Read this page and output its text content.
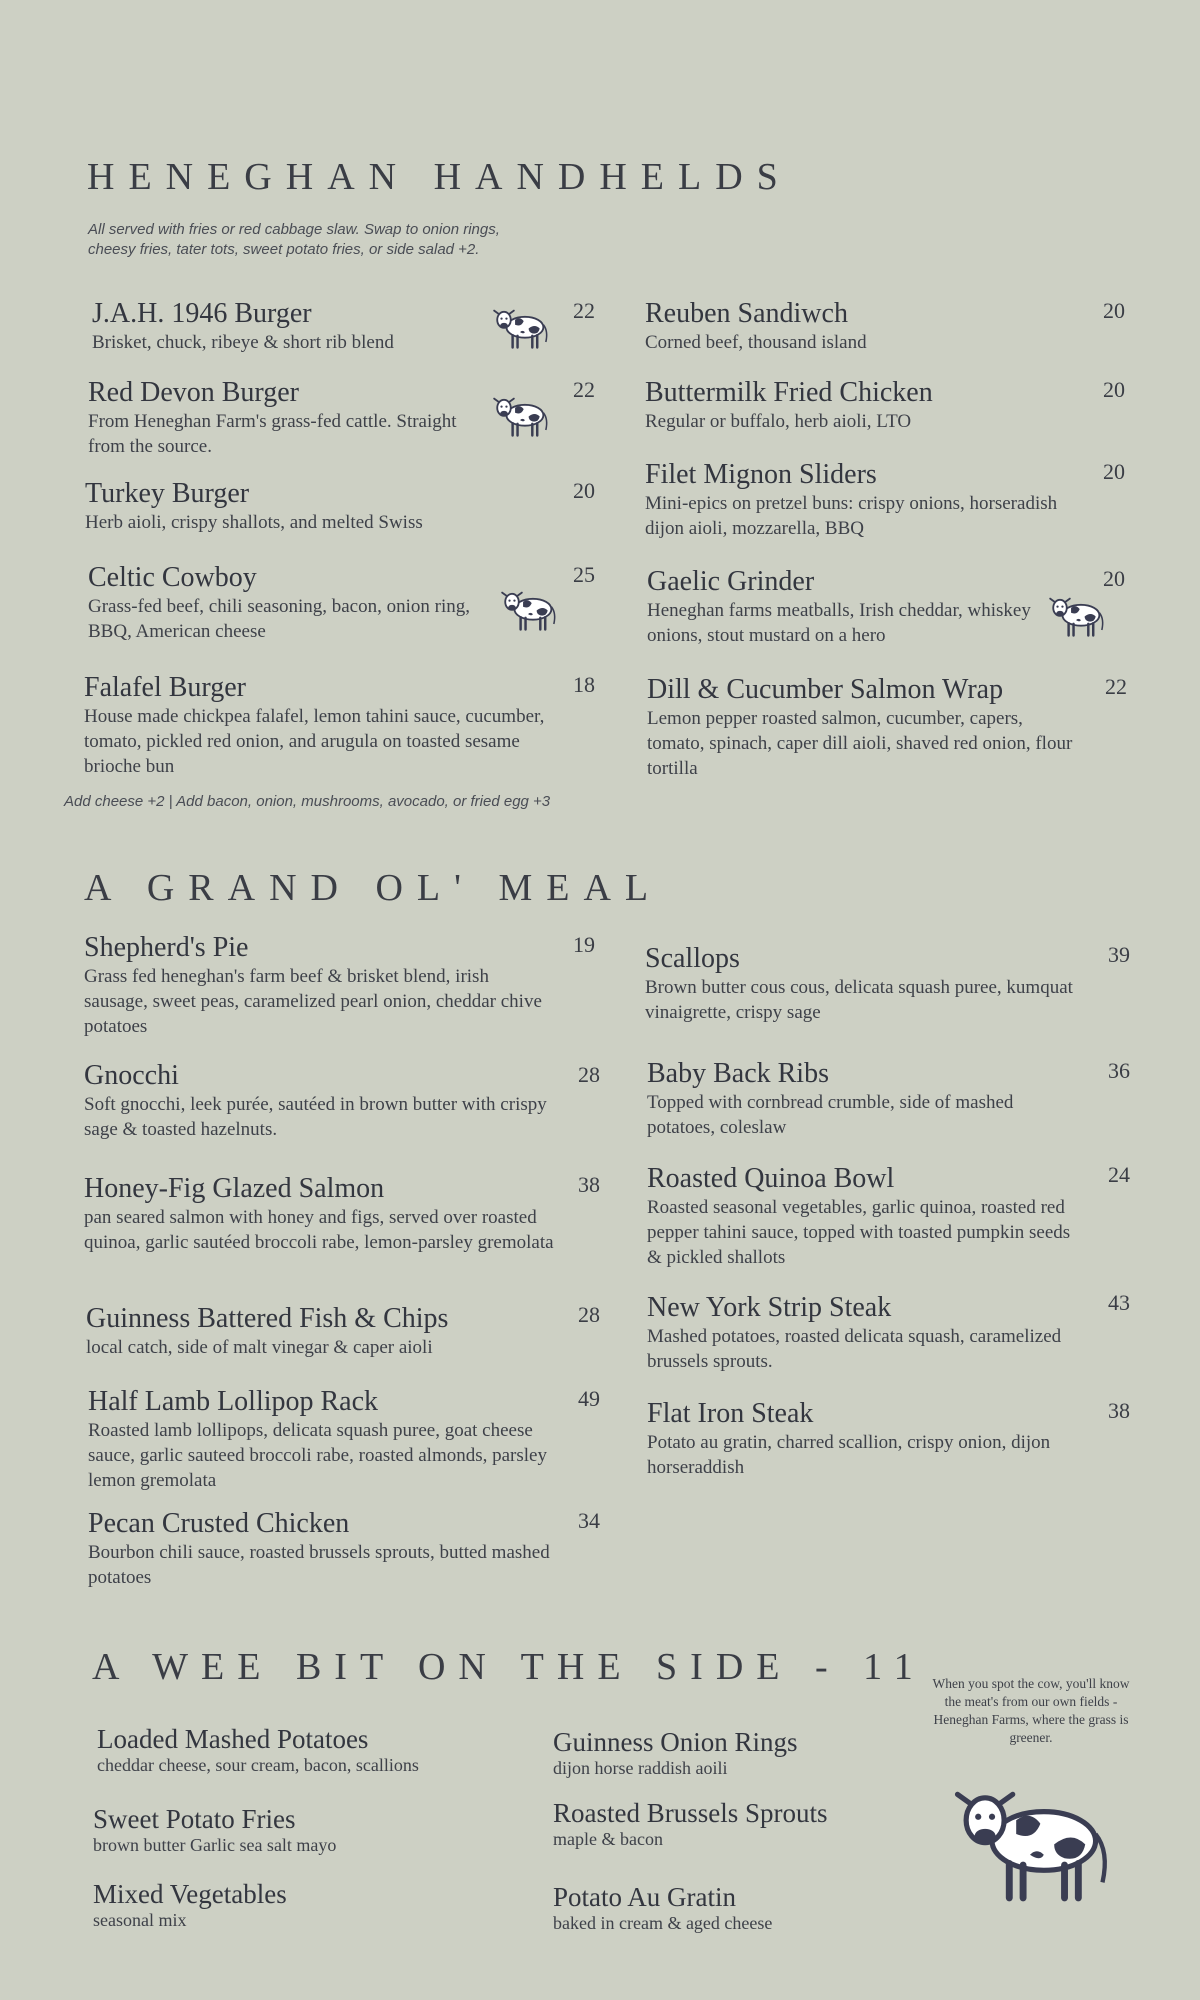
HENEGHAN HANDHELDS
All served with fries or red cabbage slaw. Swap to onion rings, cheesy fries, tater tots, sweet potato fries, or side salad +2.
J.A.H. 1946 Burger
Brisket, chuck, ribeye & short rib blend
22
Red Devon Burger
From Heneghan Farm's grass-fed cattle. Straight from the source.
22
Turkey Burger
Herb aioli, crispy shallots, and melted Swiss
20
Celtic Cowboy
Grass-fed beef, chili seasoning, bacon, onion ring, BBQ, American cheese
25
Falafel Burger
House made chickpea falafel, lemon tahini sauce, cucumber, tomato, pickled red onion, and arugula on toasted sesame brioche bun
18
Reuben Sandiwch
Corned beef, thousand island
20
Buttermilk Fried Chicken
Regular or buffalo, herb aioli, LTO
20
Filet Mignon Sliders
Mini-epics on pretzel buns: crispy onions, horseradish dijon aioli, mozzarella, BBQ
20
Gaelic Grinder
Heneghan farms meatballs, Irish cheddar, whiskey onions, stout mustard on a hero
20
Dill & Cucumber Salmon Wrap
Lemon pepper roasted salmon, cucumber, capers, tomato, spinach, caper dill aioli, shaved red onion, flour tortilla
22
Add cheese +2 | Add bacon, onion, mushrooms, avocado, or fried egg +3
A GRAND OL' MEAL
Shepherd's Pie
Grass fed heneghan's farm beef & brisket blend, irish sausage, sweet peas, caramelized pearl onion, cheddar chive potatoes
19
Gnocchi
Soft gnocchi, leek purée, sautéed in brown butter with crispy sage & toasted hazelnuts.
28
Honey-Fig Glazed Salmon
pan seared salmon with honey and figs, served over roasted quinoa, garlic sautéed broccoli rabe, lemon-parsley gremolata
38
Guinness Battered Fish & Chips
local catch, side of malt vinegar & caper aioli
28
Half Lamb Lollipop Rack
Roasted lamb lollipops, delicata squash puree, goat cheese sauce, garlic sauteed broccoli rabe, roasted almonds, parsley lemon gremolata
49
Pecan Crusted Chicken
Bourbon chili sauce, roasted brussels sprouts, butted mashed potatoes
34
Scallops
Brown butter cous cous, delicata squash puree, kumquat vinaigrette, crispy sage
39
Baby Back Ribs
Topped with cornbread crumble, side of mashed potatoes, coleslaw
36
Roasted Quinoa Bowl
Roasted seasonal vegetables, garlic quinoa, roasted red pepper tahini sauce, topped with toasted pumpkin seeds & pickled shallots
24
New York Strip Steak
Mashed potatoes, roasted delicata squash, caramelized brussels sprouts.
43
Flat Iron Steak
Potato au gratin, charred scallion, crispy onion, dijon horseraddish
38
A WEE BIT ON THE SIDE - 11
Loaded Mashed Potatoes
cheddar cheese, sour cream, bacon, scallions
Sweet Potato Fries
brown butter Garlic sea salt mayo
Mixed Vegetables
seasonal mix
Guinness Onion Rings
dijon horse raddish aoili
Roasted Brussels Sprouts
maple & bacon
Potato Au Gratin
baked in cream & aged cheese
When you spot the cow, you'll know the meat's from our own fields - Heneghan Farms, where the grass is greener.
